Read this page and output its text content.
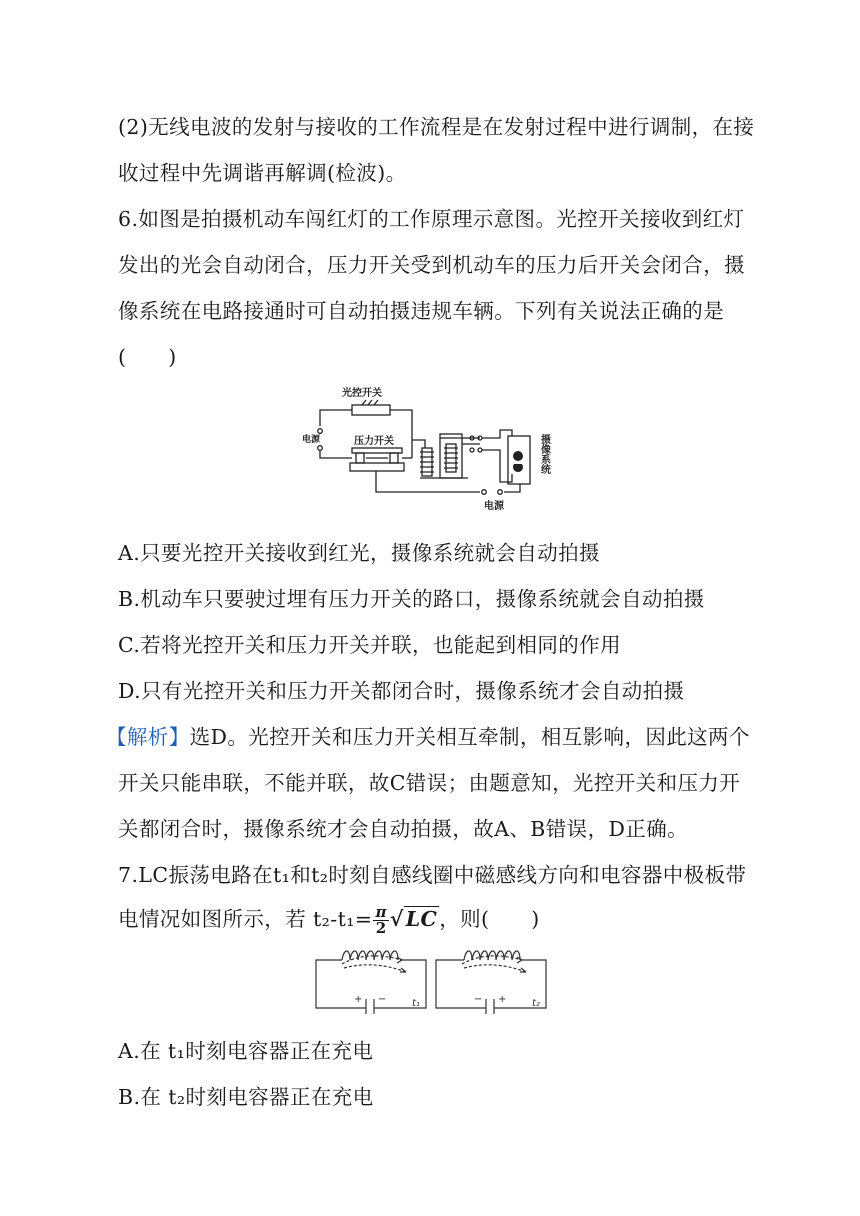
(2)无线电波的发射与接收的工作流程是在发射过程中进行调制，在接
收过程中先调谐再解调(检波)。
6.如图是拍摄机动车闯红灯的工作原理示意图。光控开关接收到红灯
发出的光会自动闭合，压力开关受到机动车的压力后开关会闭合，摄
像系统在电路接通时可自动拍摄违规车辆。下列有关说法正确的是
(　　)
光控开关
电源	压力开关
电源
摄像系统
A.只要光控开关接收到红光，摄像系统就会自动拍摄
B.机动车只要驶过埋有压力开关的路口，摄像系统就会自动拍摄
C.若将光控开关和压力开关并联，也能起到相同的作用
D.只有光控开关和压力开关都闭合时，摄像系统才会自动拍摄
【解析】选D。光控开关和压力开关相互牵制，相互影响，因此这两个
开关只能串联，不能并联，故C错误；由题意知，光控开关和压力开
关都闭合时，摄像系统才会自动拍摄，故A、B错误，D正确。
7.LC振荡电路在t₁和t₂时刻自感线圈中磁感线方向和电容器中极板带
电情况如图所示，若 $t_2-t_1= \frac{\pi}{2} √LC$，则(　　)
+ −	t₁	− +	t₂
A.在 t₁时刻电容器正在充电
B.在 t₂时刻电容器正在充电
